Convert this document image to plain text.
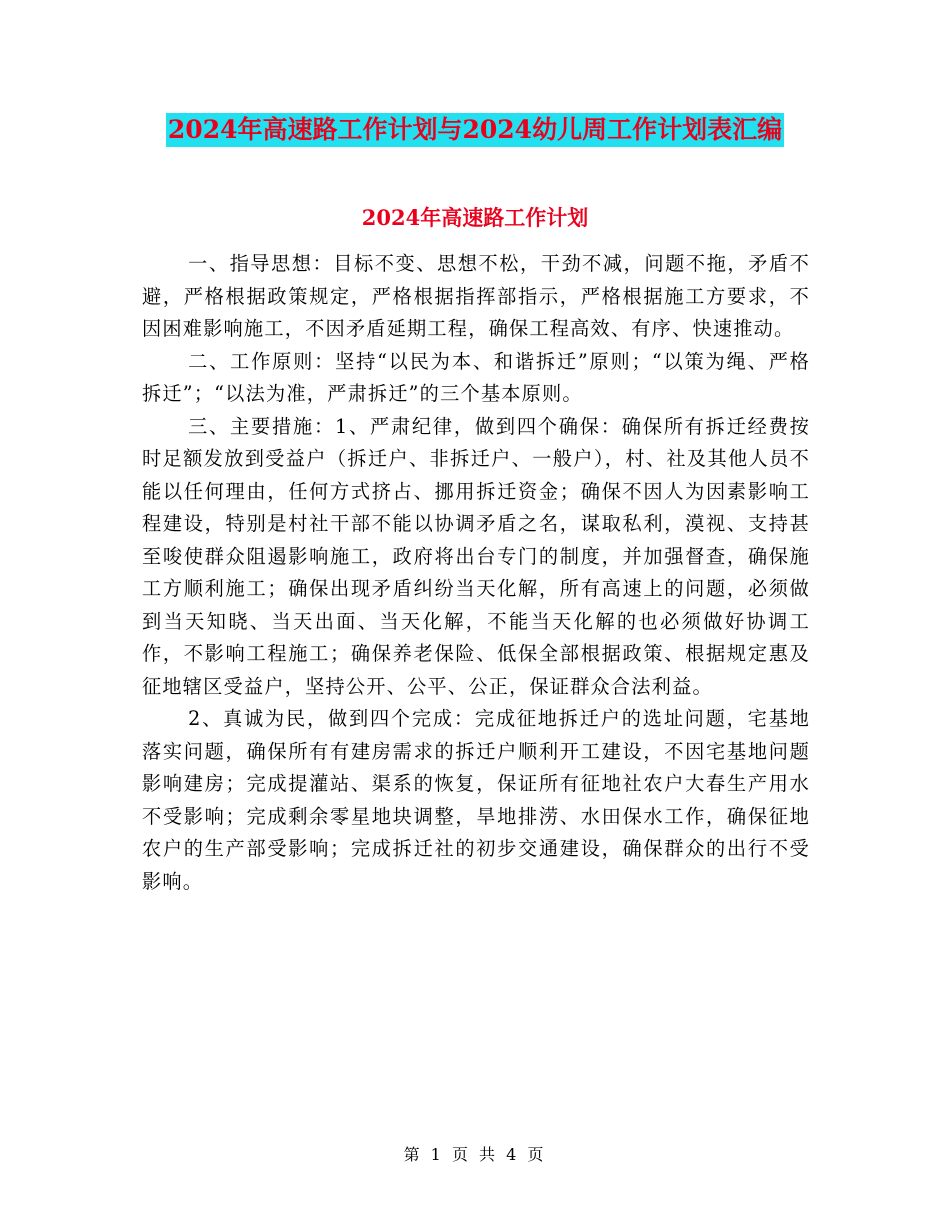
2024年高速路工作计划与2024幼儿周工作计划表汇编
2024年高速路工作计划

一、指导思想：目标不变、思想不松，干劲不减，问题不拖，矛盾不避，严格根据政策规定，严格根据指挥部指示，严格根据施工方要求，不因困难影响施工，不因矛盾延期工程，确保工程高效、有序、快速推动。

二、工作原则：坚持“以民为本、和谐拆迁”原则；“以策为绳、严格拆迁”；“以法为准，严肃拆迁”的三个基本原则。

三、主要措施：1、严肃纪律，做到四个确保：确保所有拆迁经费按时足额发放到受益户（拆迁户、非拆迁户、一般户），村、社及其他人员不能以任何理由，任何方式挤占、挪用拆迁资金；确保不因人为因素影响工程建设，特别是村社干部不能以协调矛盾之名，谋取私利，漠视、支持甚至唆使群众阻遏影响施工，政府将出台专门的制度，并加强督查，确保施工方顺利施工；确保出现矛盾纠纷当天化解，所有高速上的问题，必须做到当天知晓、当天出面、当天化解，不能当天化解的也必须做好协调工作，不影响工程施工；确保养老保险、低保全部根据政策、根据规定惠及征地辖区受益户，坚持公开、公平、公正，保证群众合法利益。

2、真诚为民，做到四个完成：完成征地拆迁户的选址问题，宅基地落实问题，确保所有有建房需求的拆迁户顺利开工建设，不因宅基地问题影响建房；完成提灌站、渠系的恢复，保证所有征地社农户大春生产用水不受影响；完成剩余零星地块调整，旱地排涝、水田保水工作，确保征地农户的生产部受影响；完成拆迁社的初步交通建设，确保群众的出行不受影响。

第 1 页 共 4 页
